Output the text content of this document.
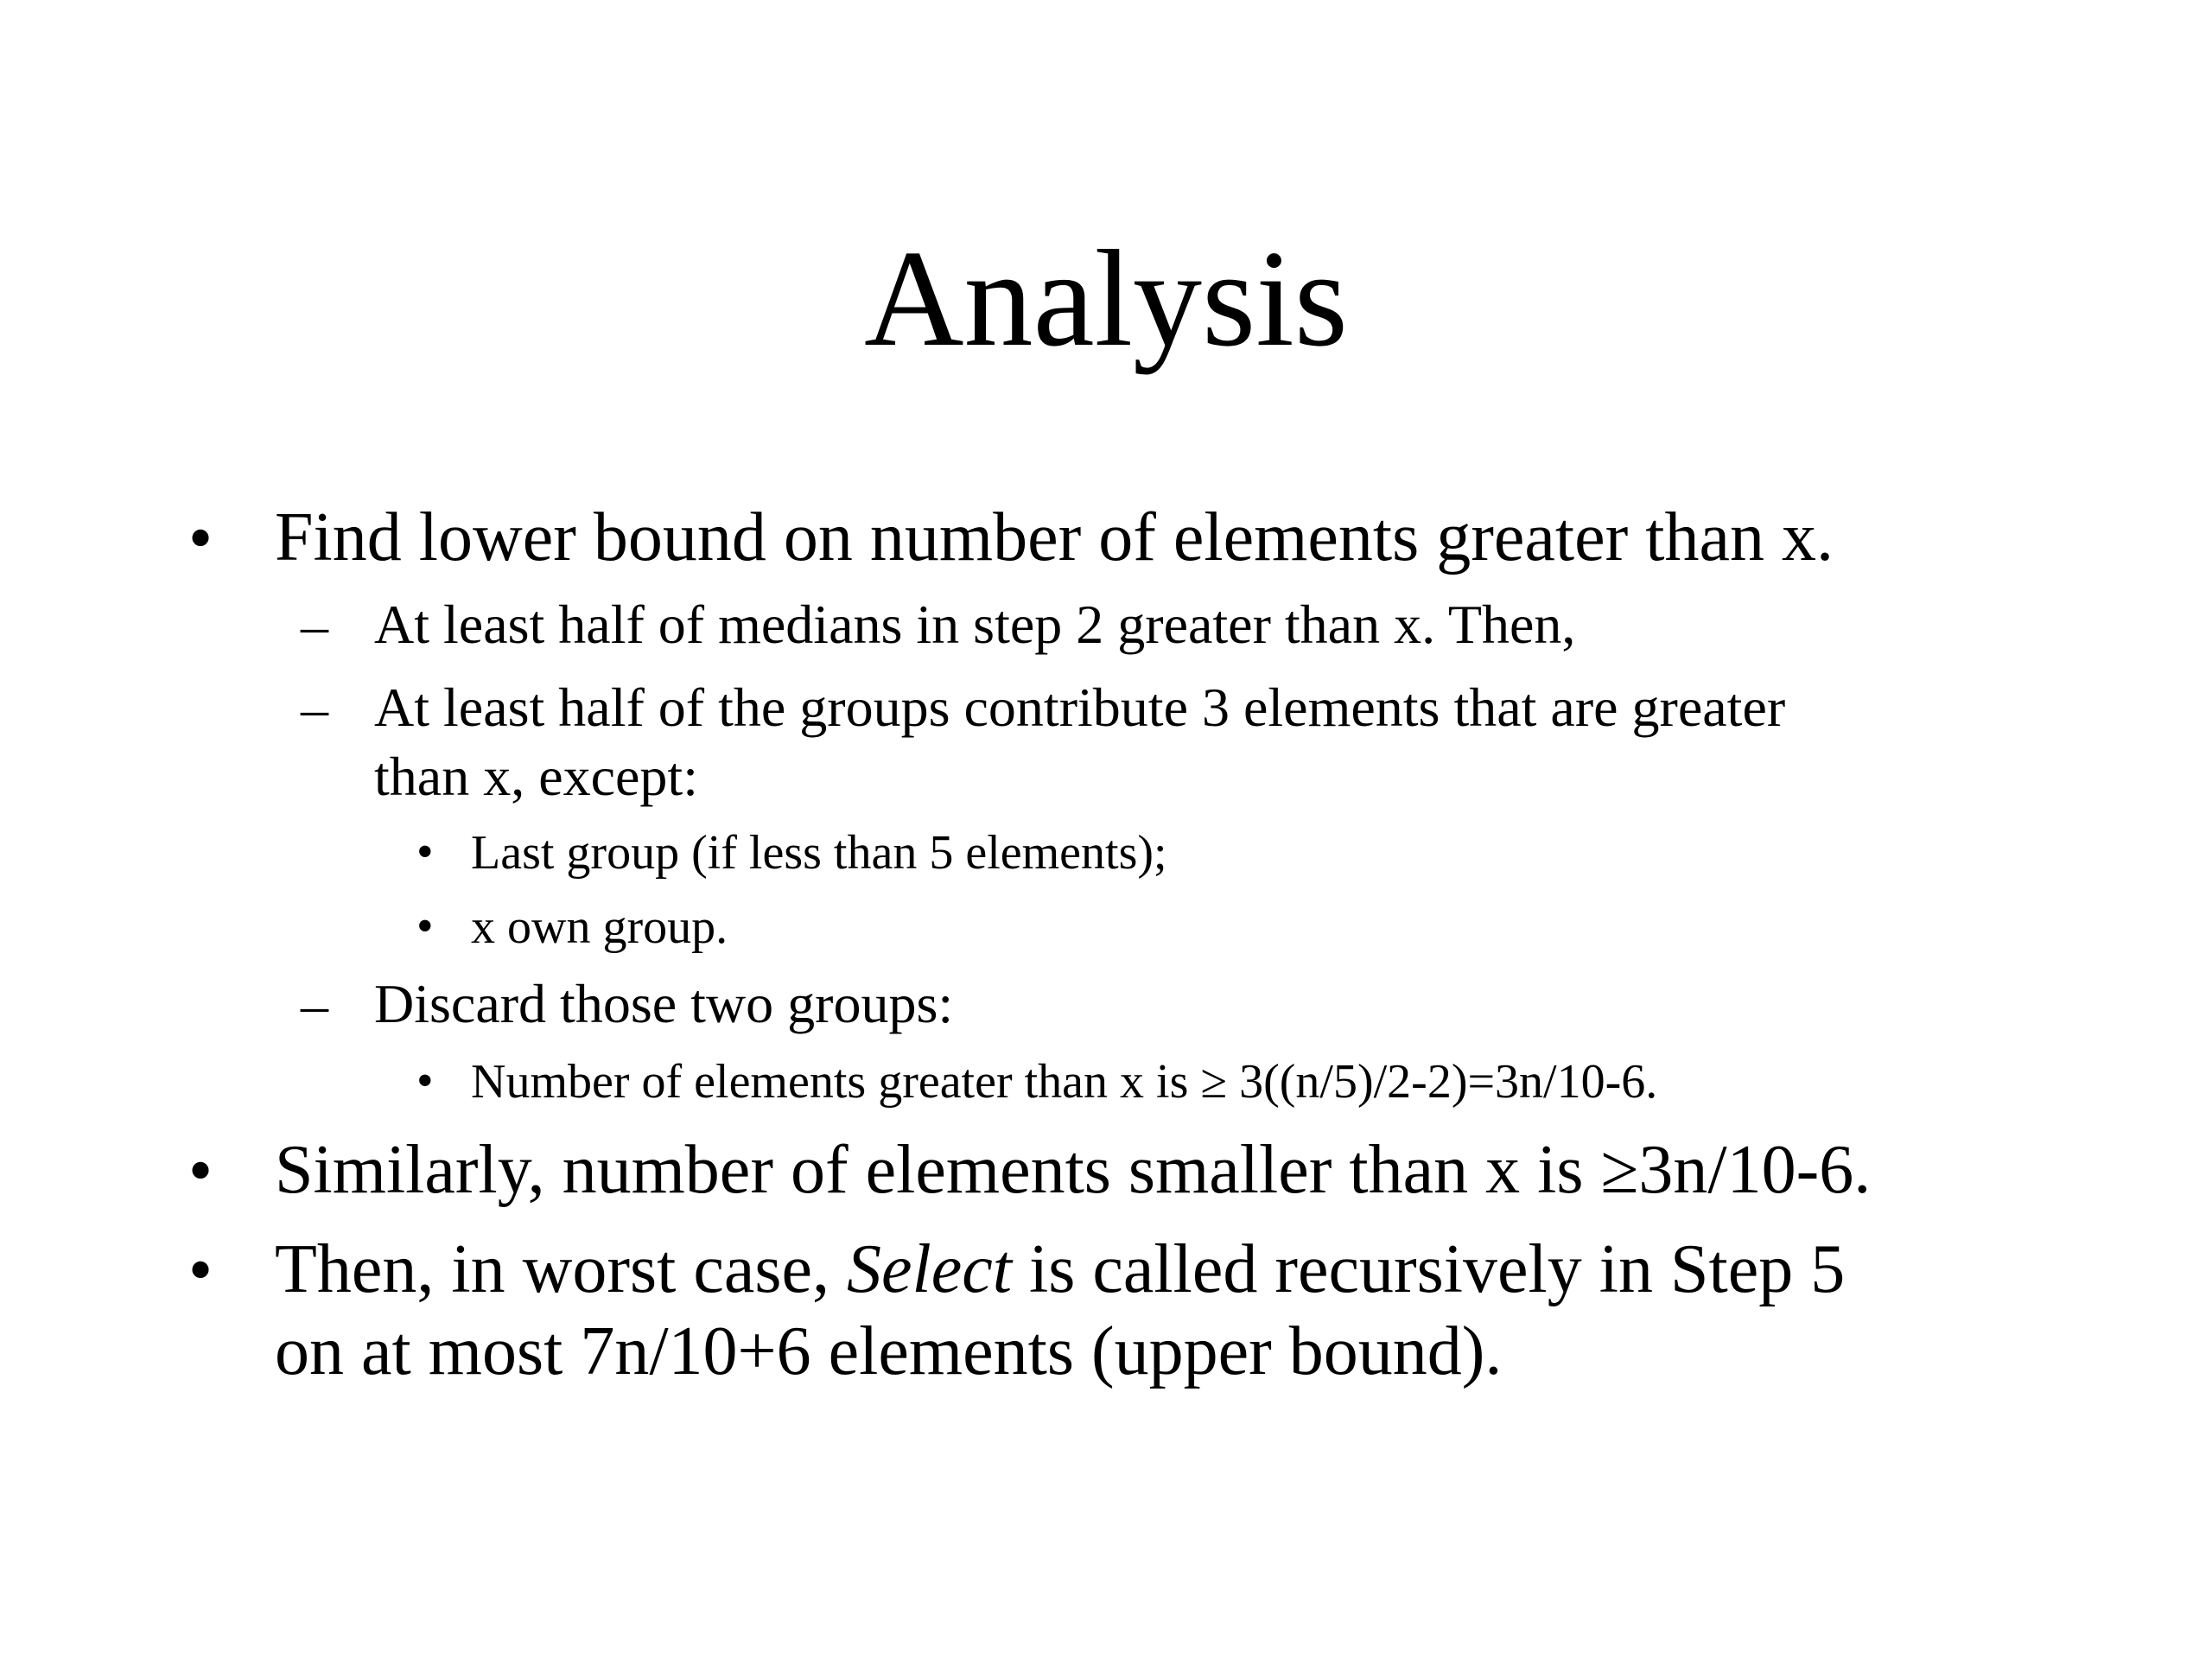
Analysis
• Find lower bound on number of elements greater than x.
– At least half of medians in step 2 greater than x. Then,
– At least half of the groups contribute 3 elements that are greater
than x, except:
• Last group (if less than 5 elements);
• x own group.
– Discard those two groups:
• Number of elements greater than x is ≥ 3((n/5)/2-2)=3n/10-6.
• Similarly, number of elements smaller than x is ≥3n/10-6.
• Then, in worst case, Select is called recursively in Step 5
on at most 7n/10+6 elements (upper bound).
